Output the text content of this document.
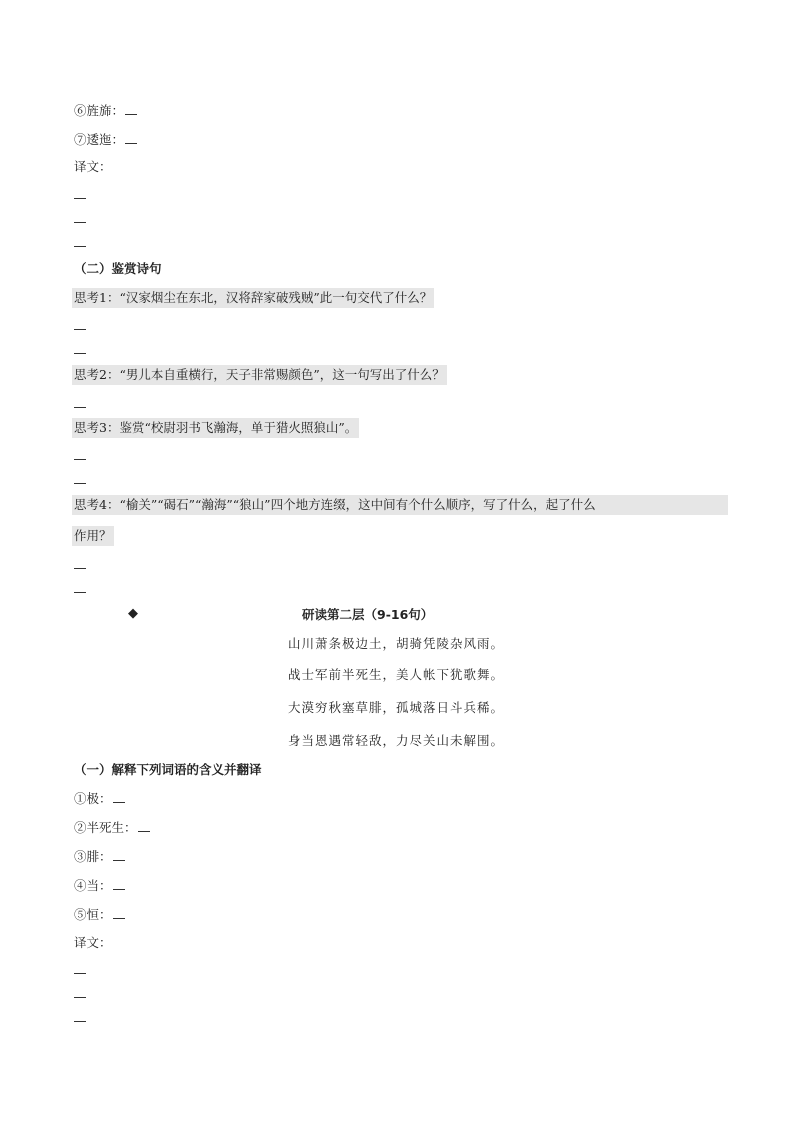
⑥旌旆：
⑦逶迤：
译文：
（二）鉴赏诗句
思考1：“汉家烟尘在东北，汉将辞家破残贼”此一句交代了什么？
思考2：“男儿本自重横行，天子非常赐颜色”，这一句写出了什么？
思考3：鉴赏“校尉羽书飞瀚海，单于猎火照狼山”。
思考4：“榆关”“碣石”“瀚海”“狼山”四个地方连缀，这中间有个什么顺序，写了什么，起了什么
作用？
◆	研读第二层（9-16句）
山川萧条极边土，胡骑凭陵杂风雨。
战士军前半死生，美人帐下犹歌舞。
大漠穷秋塞草腓，孤城落日斗兵稀。
身当恩遇常轻敌，力尽关山未解围。
（一）解释下列词语的含义并翻译
①极：
②半死生：
③腓：
④当：
⑤恒：
译文：
